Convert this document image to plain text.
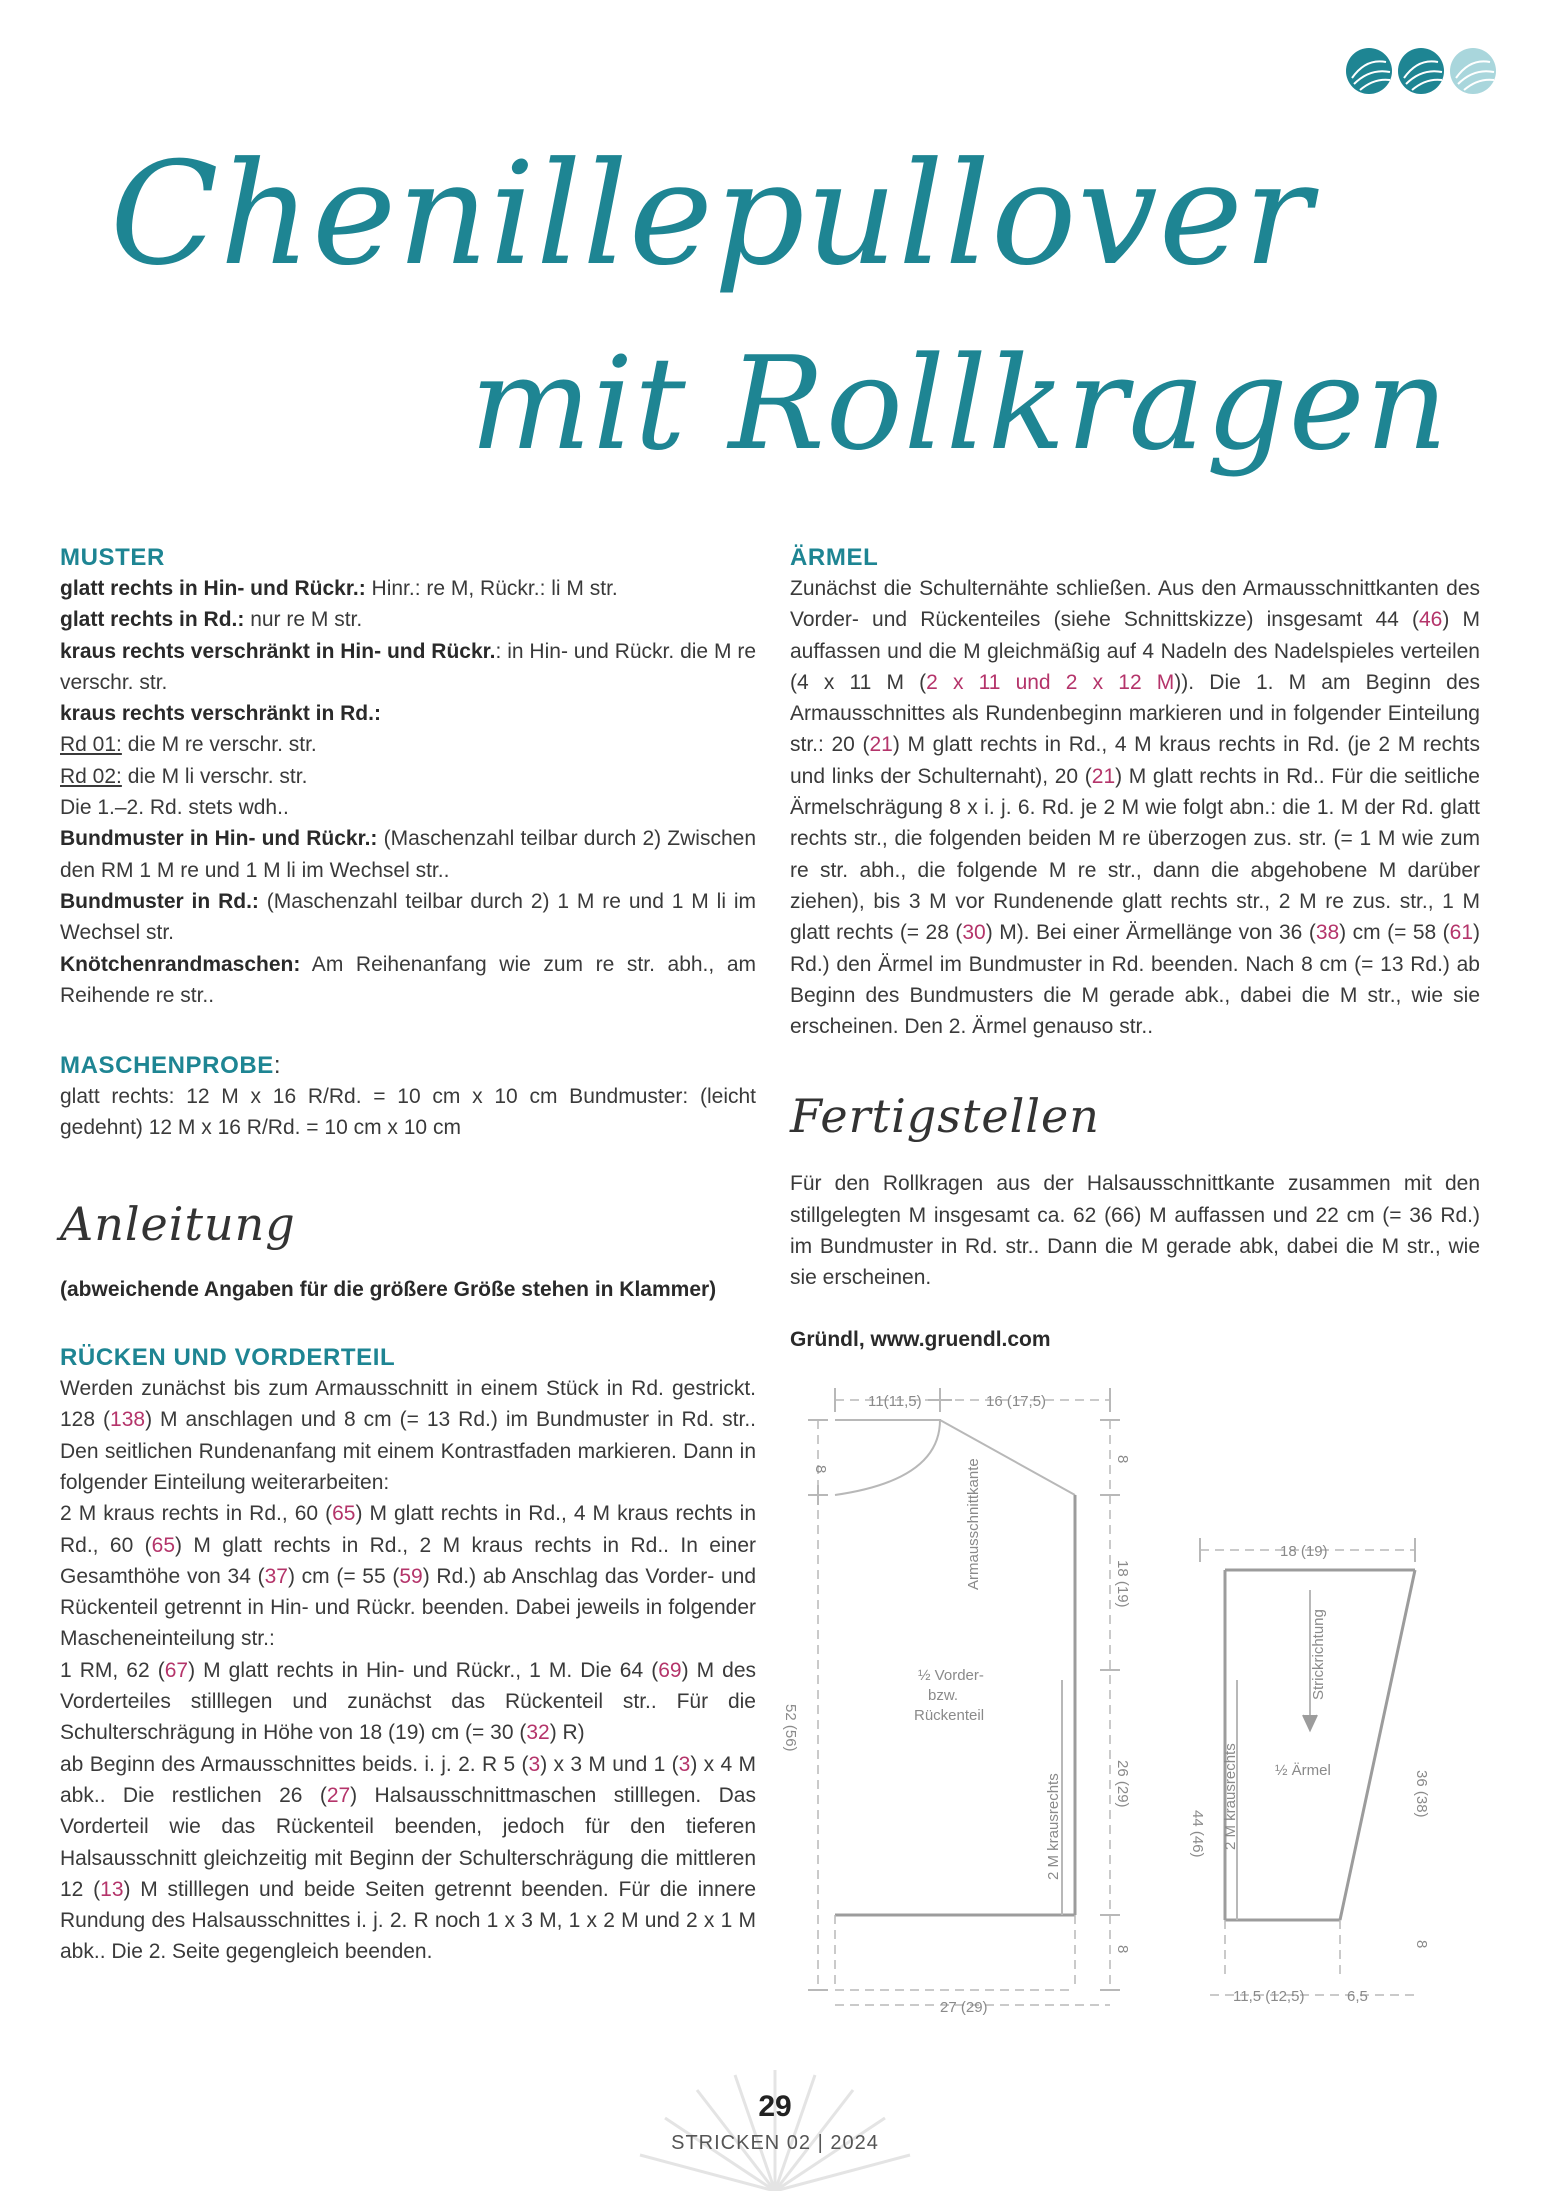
Chenillepullover
mit Rollkragen
MUSTER

glatt rechts in Hin- und Rückr.: Hinr.: re M, Rückr.: li M str.

glatt rechts in Rd.: nur re M str.

kraus rechts verschränkt in Hin- und Rückr.: in Hin- und Rückr. die M re verschr. str.

kraus rechts verschränkt in Rd.:

Rd 01: die M re verschr. str.

Rd 02: die M li verschr. str.

Die 1.–2. Rd. stets wdh..

Bundmuster in Hin- und Rückr.: (Maschenzahl teilbar durch 2) Zwischen den RM 1 M re und 1 M li im Wechsel str..

Bundmuster in Rd.: (Maschenzahl teilbar durch 2) 1 M re und 1 M li im Wechsel str.

Knötchenrandmaschen: Am Reihenanfang wie zum re str. abh., am Reihende re str..

MASCHENPROBE:

glatt rechts: 12 M x 16 R/Rd. = 10 cm x 10 cm Bundmuster: (leicht gedehnt) 12 M x 16 R/Rd. = 10 cm x 10 cm

Anleitung

(abweichende Angaben für die größere Größe stehen in Klammer)

RÜCKEN UND VORDERTEIL

Werden zunächst bis zum Armausschnitt in einem Stück in Rd. gestrickt. 128 (138) M anschlagen und 8 cm (= 13 Rd.) im Bundmuster in Rd. str.. Den seitlichen Rundenanfang mit einem Kontrastfaden markieren. Dann in folgender Einteilung weiterarbeiten:

2 M kraus rechts in Rd., 60 (65) M glatt rechts in Rd., 4 M kraus rechts in Rd., 60 (65) M glatt rechts in Rd., 2 M kraus rechts in Rd.. In einer Gesamthöhe von 34 (37) cm (= 55 (59) Rd.) ab Anschlag das Vorder- und Rückenteil getrennt in Hin- und Rückr. beenden. Dabei jeweils in folgender Mascheneinteilung str.:

1 RM, 62 (67) M glatt rechts in Hin- und Rückr., 1 M. Die 64 (69) M des Vorderteiles stilllegen und zunächst das Rückenteil str.. Für die Schulterschrägung in Höhe von 18 (19) cm (= 30 (32) R)

ab Beginn des Armausschnittes beids. i. j. 2. R 5 (3) x 3 M und 1 (3) x 4 M abk.. Die restlichen 26 (27) Halsausschnittmaschen stilllegen. Das Vorderteil wie das Rückenteil beenden, jedoch für den tieferen Halsausschnitt gleichzeitig mit Beginn der Schulterschrägung die mittleren 12 (13) M stilllegen und beide Seiten getrennt beenden. Für die innere Rundung des Halsausschnittes i. j. 2. R noch 1 x 3 M, 1 x 2 M und 2 x 1 M abk.. Die 2. Seite gegengleich beenden.

ÄRMEL

Zunächst die Schulternähte schließen. Aus den Armausschnittkanten des Vorder- und Rückenteiles (siehe Schnittskizze) insgesamt 44 (46) M auffassen und die M gleichmäßig auf 4 Nadeln des Nadelspieles verteilen (4 x 11 M (2 x 11 und 2 x 12 M)). Die 1. M am Beginn des Armausschnittes als Rundenbeginn markieren und in folgender Einteilung str.: 20 (21) M glatt rechts in Rd., 4 M kraus rechts in Rd. (je 2 M rechts und links der Schulternaht), 20 (21) M glatt rechts in Rd.. Für die seitliche Ärmelschrägung 8 x i. j. 6. Rd. je 2 M wie folgt abn.: die 1. M der Rd. glatt rechts str., die folgenden beiden M re überzogen zus. str. (= 1 M wie zum re str. abh., die folgende M re str., dann die abgehobene M darüber ziehen), bis 3 M vor Rundenende glatt rechts str., 2 M re zus. str., 1 M glatt rechts (= 28 (30) M). Bei einer Ärmellänge von 36 (38) cm (= 58 (61) Rd.) den Ärmel im Bundmuster in Rd. beenden. Nach 8 cm (= 13 Rd.) ab Beginn des Bundmusters die M gerade abk., dabei die M str., wie sie erscheinen. Den 2. Ärmel genauso str..

Fertigstellen

Für den Rollkragen aus der Halsausschnittkante zusammen mit den stillgelegten M insgesamt ca. 62 (66) M auffassen und 22 cm (= 36 Rd.) im Bundmuster in Rd. str.. Dann die M gerade abk, dabei die M str., wie sie erscheinen.

Gründl, www.gruendl.com

11(11,5)	16 (17,5)
8
52 (56)
8
18 (19)
26 (29)
8
Armausschnittkante
2 M krausrechts
½ Vorder-
bzw.
Rückenteil
27 (29)
18 (19)
Strickrichtung
2 M krausrechts
44 (46)
½ Ärmel	36 (38)
8
11,5 (12,5)	6,5
29
STRICKEN 02 | 2024
